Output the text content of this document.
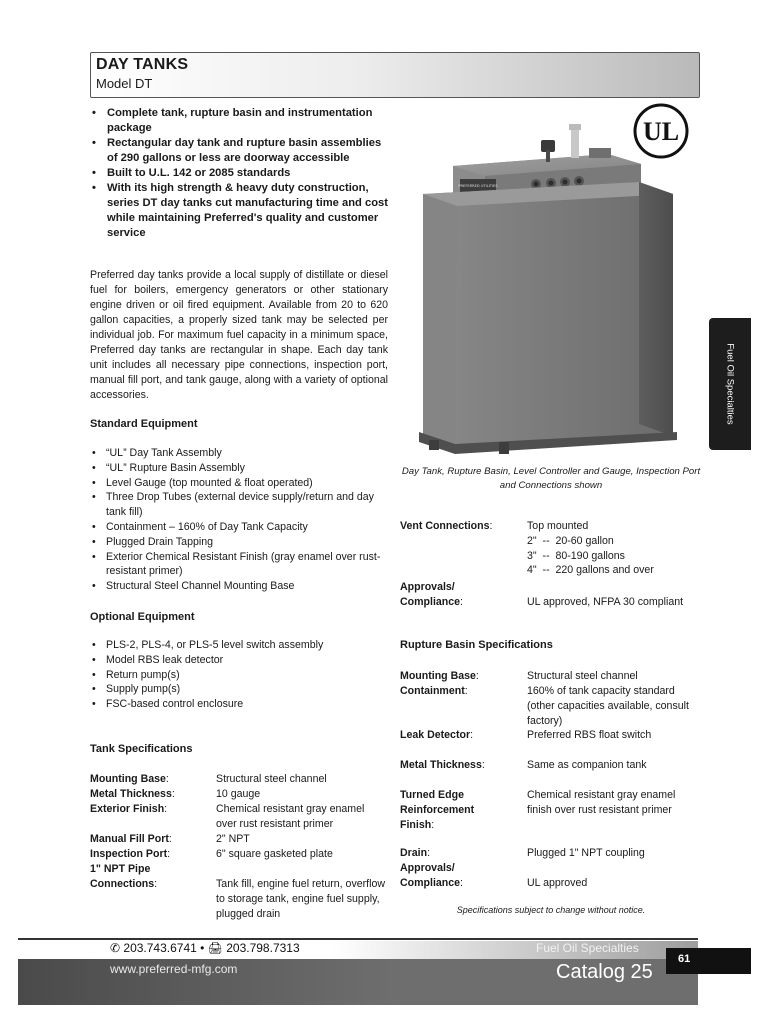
DAY TANKS
Model DT
• Complete tank, rupture basin and instrumentation package
• Rectangular day tank and rupture basin assemblies of 290 gallons or less are doorway accessible
• Built to U.L. 142 or 2085 standards
• With its high strength & heavy duty construction, series DT day tanks cut manufacturing time and cost while maintaining Preferred's quality and customer service

Preferred day tanks provide a local supply of distillate or diesel fuel for boilers, emergency generators or other stationary engine driven or oil fired equipment. Available from 20 to 620 gallon capacities, a properly sized tank may be selected per individual job. For maximum fuel capacity in a minimum space, Preferred day tanks are rectangular in shape. Each day tank unit includes all necessary pipe connections, inspection port, manual fill port, and tank gauge, along with a variety of optional accessories.

Standard Equipment
• “UL” Day Tank Assembly
• “UL” Rupture Basin Assembly
• Level Gauge (top mounted & float operated)
• Three Drop Tubes (external device supply/return and day tank fill)
• Containment – 160% of Day Tank Capacity
• Plugged Drain Tapping
• Exterior Chemical Resistant Finish (gray enamel over rust-resistant primer)
• Structural Steel Channel Mounting Base
Optional Equipment
• PLS-2, PLS-4, or PLS-5 level switch assembly
• Model RBS leak detector
• Return pump(s)
• Supply pump(s)
• FSC-based control enclosure
Tank Specifications
Mounting Base:	Structural steel channel
Metal Thickness:	10 gauge
Exterior Finish:	Chemical resistant gray enamel over rust resistant primer
Manual Fill Port:	2" NPT
Inspection Port:	6" square gasketed plate
1" NPT Pipe Connections:	Tank fill, engine fuel return, overflow to storage tank, engine fuel supply, plugged drain
PREFERRED UTILITIES
UL

Day Tank, Rupture Basin, Level Controller and Gauge, Inspection Port and Connections shown

Vent Connections:	Top mounted
2"  --  20-60 gallon
3"  --  80-190 gallons
4"  --  220 gallons and over
Approvals/ Compliance:	UL approved, NFPA 30 compliant
Rupture Basin Specifications
Mounting Base:	Structural steel channel
Containment:	160% of tank capacity standard (other capacities available, consult factory)
Leak Detector:	Preferred RBS float switch
Metal Thickness:	Same as companion tank
Turned Edge Reinforcement Finish:
Chemical resistant gray enamel finish over rust resistant primer
Drain:	Plugged 1" NPT coupling
Approvals/ Compliance:	UL approved

Specifications subject to change without notice.

Fuel Oil Specialties
✆ 203.743.6741 • 🖨 203.798.7313
www.preferred-mfg.com
Fuel Oil Specialties
Catalog 25
61
